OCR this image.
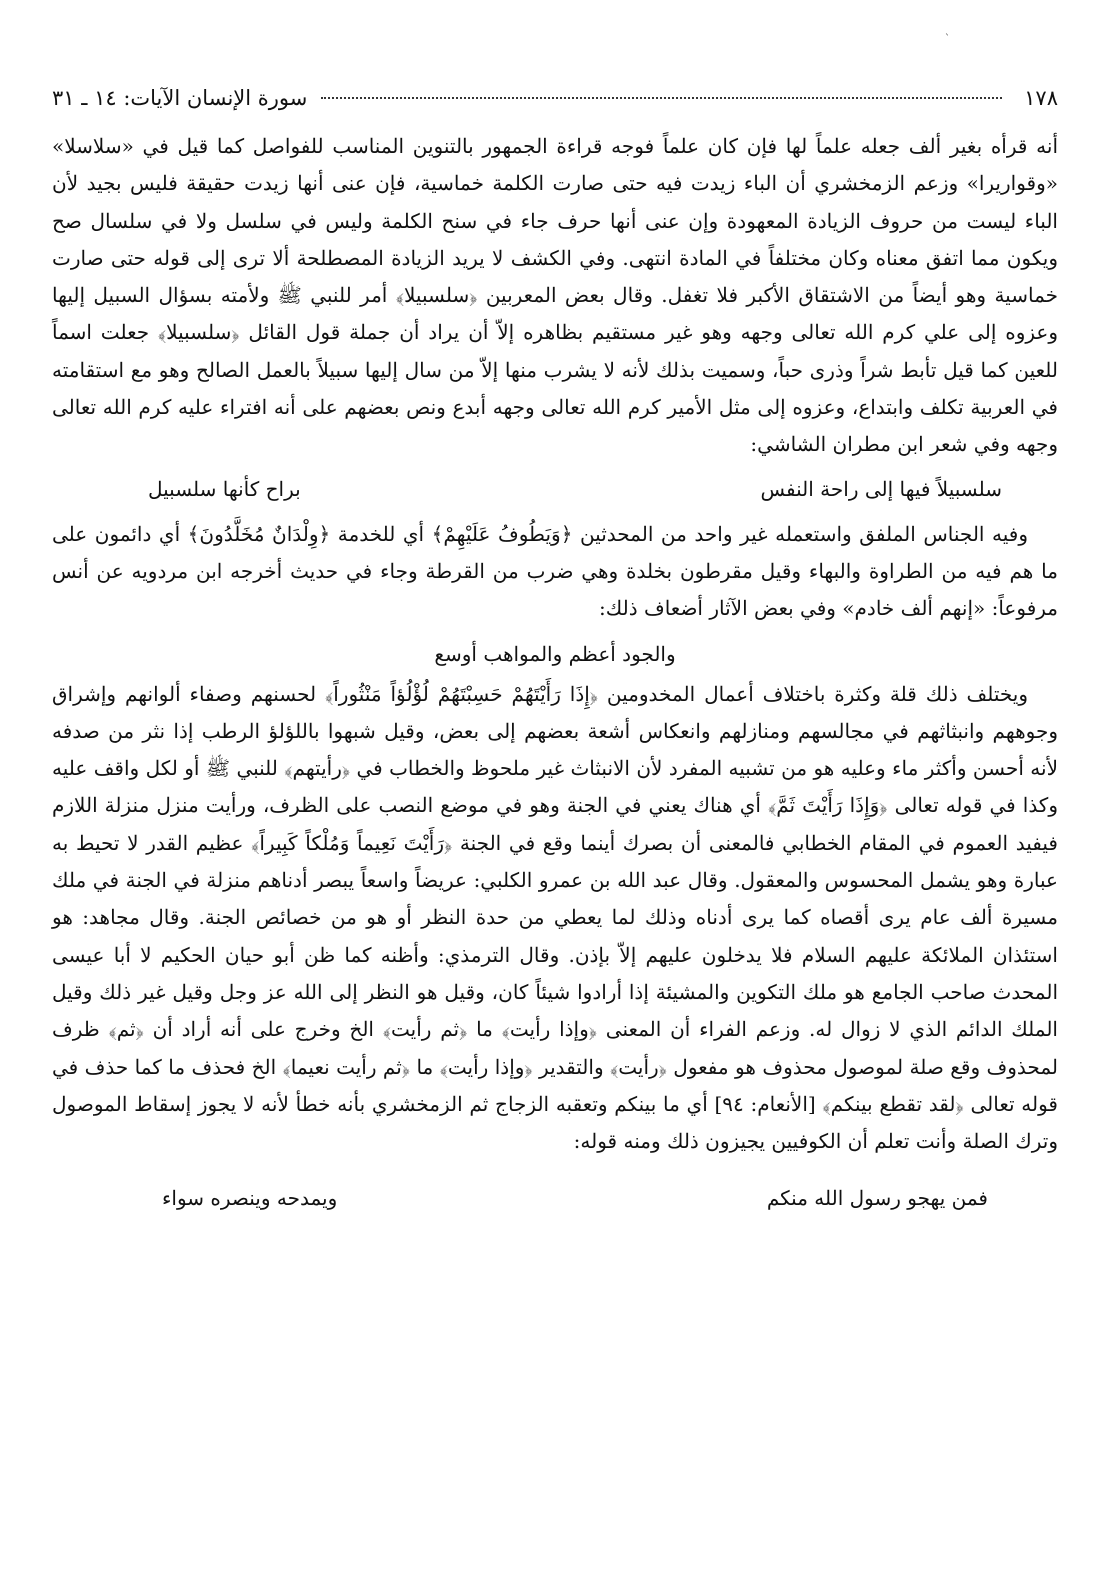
`
١٧٨
سورة الإنسان الآيات: ١٤ ـ ٣١

أنه قرأه بغير ألف جعله علماً لها فإن كان علماً فوجه قراءة الجمهور بالتنوين المناسب للفواصل كما قيل في «سلاسلا» «وقواريرا» وزعم الزمخشري أن الباء زيدت فيه حتى صارت الكلمة خماسية، فإن عنى أنها زيدت حقيقة فليس بجيد لأن الباء ليست من حروف الزيادة المعهودة وإن عنى أنها حرف جاء في سنح الكلمة وليس في سلسل ولا في سلسال صح ويكون مما اتفق معناه وكان مختلفاً في المادة انتهى. وفي الكشف لا يريد الزيادة المصطلحة ألا ترى إلى قوله حتى صارت خماسية وهو أيضاً من الاشتقاق الأكبر فلا تغفل. وقال بعض المعربين ﴿سلسبيلا﴾ أمر للنبي ﷺ ولأمته بسؤال السبيل إليها وعزوه إلى علي كرم الله تعالى وجهه وهو غير مستقيم بظاهره إلاّ أن يراد أن جملة قول القائل ﴿سلسبيلا﴾ جعلت اسماً للعين كما قيل تأبط شراً وذرى حباً، وسميت بذلك لأنه لا يشرب منها إلاّ من سال إليها سبيلاً بالعمل الصالح وهو مع استقامته في العربية تكلف وابتداع، وعزوه إلى مثل الأمير كرم الله تعالى وجهه أبدع ونص بعضهم على أنه افتراء عليه كرم الله تعالى وجهه وفي شعر ابن مطران الشاشي:

سلسبيلاً فيها إلى راحة النفس
براح كأنها سلسبيل

وفيه الجناس الملفق واستعمله غير واحد من المحدثين ﴿وَيَطُوفُ عَلَيْهِمْ﴾ أي للخدمة ﴿وِلْدَانٌ مُخَلَّدُونَ﴾ أي دائمون على ما هم فيه من الطراوة والبهاء وقيل مقرطون بخلدة وهي ضرب من القرطة وجاء في حديث أخرجه ابن مردويه عن أنس مرفوعاً: «إنهم ألف خادم» وفي بعض الآثار أضعاف ذلك:

والجود أعظم والمواهب أوسع

ويختلف ذلك قلة وكثرة باختلاف أعمال المخدومين ﴿إِذَا رَأَيْتَهُمْ حَسِبْتَهُمْ لُؤْلُؤاً مَنْثُوراً﴾ لحسنهم وصفاء ألوانهم وإشراق وجوههم وانبثاثهم في مجالسهم ومنازلهم وانعكاس أشعة بعضهم إلى بعض، وقيل شبهوا باللؤلؤ الرطب إذا نثر من صدفه لأنه أحسن وأكثر ماء وعليه هو من تشبيه المفرد لأن الانبثاث غير ملحوظ والخطاب في ﴿رأيتهم﴾ للنبي ﷺ أو لكل واقف عليه وكذا في قوله تعالى ﴿وَإِذَا رَأَيْتَ ثَمَّ﴾ أي هناك يعني في الجنة وهو في موضع النصب على الظرف، ورأيت منزل منزلة اللازم فيفيد العموم في المقام الخطابي فالمعنى أن بصرك أينما وقع في الجنة ﴿رَأَيْتَ نَعِيماً وَمُلْكاً كَبِيراً﴾ عظيم القدر لا تحيط به عبارة وهو يشمل المحسوس والمعقول. وقال عبد الله بن عمرو الكلبي: عريضاً واسعاً يبصر أدناهم منزلة في الجنة في ملك مسيرة ألف عام يرى أقصاه كما يرى أدناه وذلك لما يعطي من حدة النظر أو هو من خصائص الجنة. وقال مجاهد: هو استئذان الملائكة عليهم السلام فلا يدخلون عليهم إلاّ بإذن. وقال الترمذي: وأظنه كما ظن أبو حيان الحكيم لا أبا عيسى المحدث صاحب الجامع هو ملك التكوين والمشيئة إذا أرادوا شيئاً كان، وقيل هو النظر إلى الله عز وجل وقيل غير ذلك وقيل الملك الدائم الذي لا زوال له. وزعم الفراء أن المعنى ﴿وإذا رأيت﴾ ما ﴿ثم رأيت﴾ الخ وخرج على أنه أراد أن ﴿ثم﴾ ظرف لمحذوف وقع صلة لموصول محذوف هو مفعول ﴿رأيت﴾ والتقدير ﴿وإذا رأيت﴾ ما ﴿ثم رأيت نعيما﴾ الخ فحذف ما كما حذف في قوله تعالى ﴿لقد تقطع بينكم﴾ [الأنعام: ٩٤] أي ما بينكم وتعقبه الزجاج ثم الزمخشري بأنه خطأ لأنه لا يجوز إسقاط الموصول وترك الصلة وأنت تعلم أن الكوفيين يجيزون ذلك ومنه قوله:

فمن يهجو رسول الله منكم
ويمدحه وينصره سواء
